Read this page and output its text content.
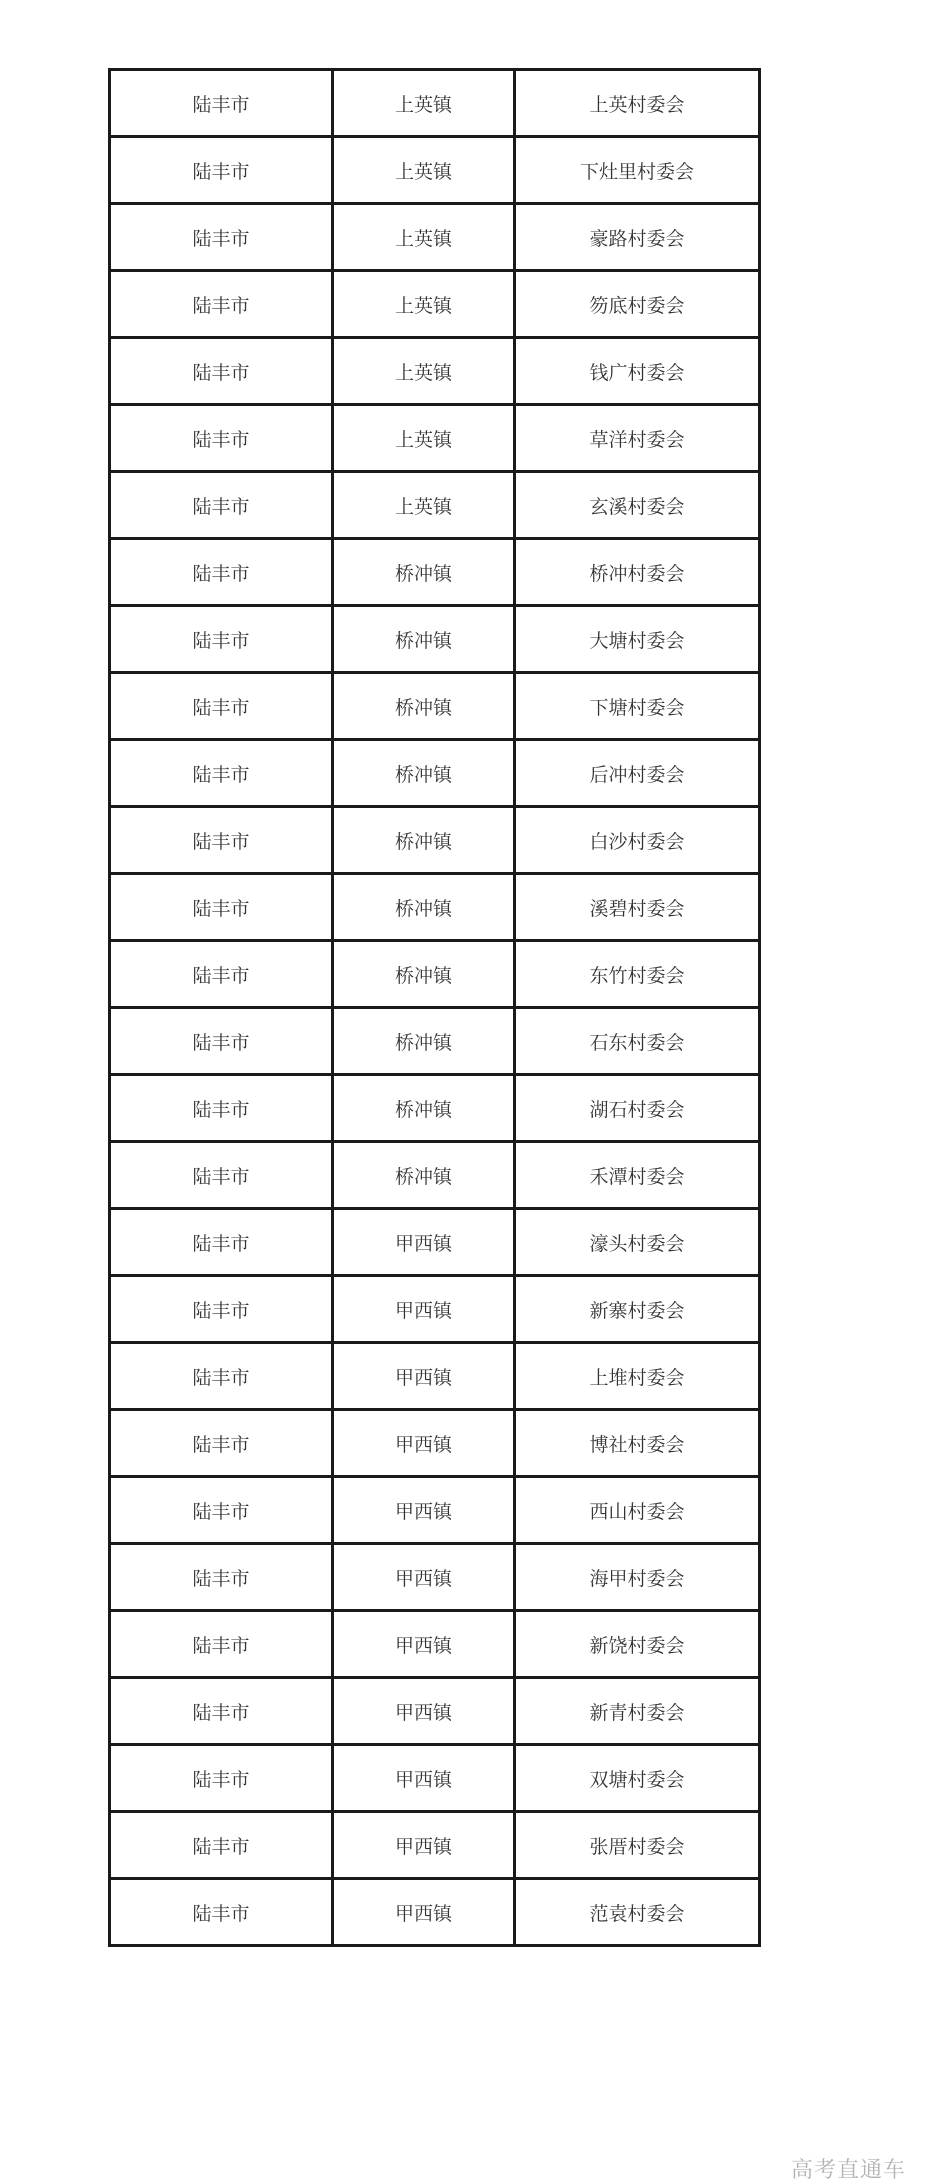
陆丰市	上英镇	上英村委会
陆丰市	上英镇	下灶里村委会
陆丰市	上英镇	豪路村委会
陆丰市	上英镇	笏底村委会
陆丰市	上英镇	钱广村委会
陆丰市	上英镇	草洋村委会
陆丰市	上英镇	玄溪村委会
陆丰市	桥冲镇	桥冲村委会
陆丰市	桥冲镇	大塘村委会
陆丰市	桥冲镇	下塘村委会
陆丰市	桥冲镇	后冲村委会
陆丰市	桥冲镇	白沙村委会
陆丰市	桥冲镇	溪碧村委会
陆丰市	桥冲镇	东竹村委会
陆丰市	桥冲镇	石东村委会
陆丰市	桥冲镇	湖石村委会
陆丰市	桥冲镇	禾潭村委会
陆丰市	甲西镇	濠头村委会
陆丰市	甲西镇	新寨村委会
陆丰市	甲西镇	上堆村委会
陆丰市	甲西镇	博社村委会
陆丰市	甲西镇	西山村委会
陆丰市	甲西镇	海甲村委会
陆丰市	甲西镇	新饶村委会
陆丰市	甲西镇	新青村委会
陆丰市	甲西镇	双塘村委会
陆丰市	甲西镇	张厝村委会
陆丰市	甲西镇	范袁村委会
高考直通车
